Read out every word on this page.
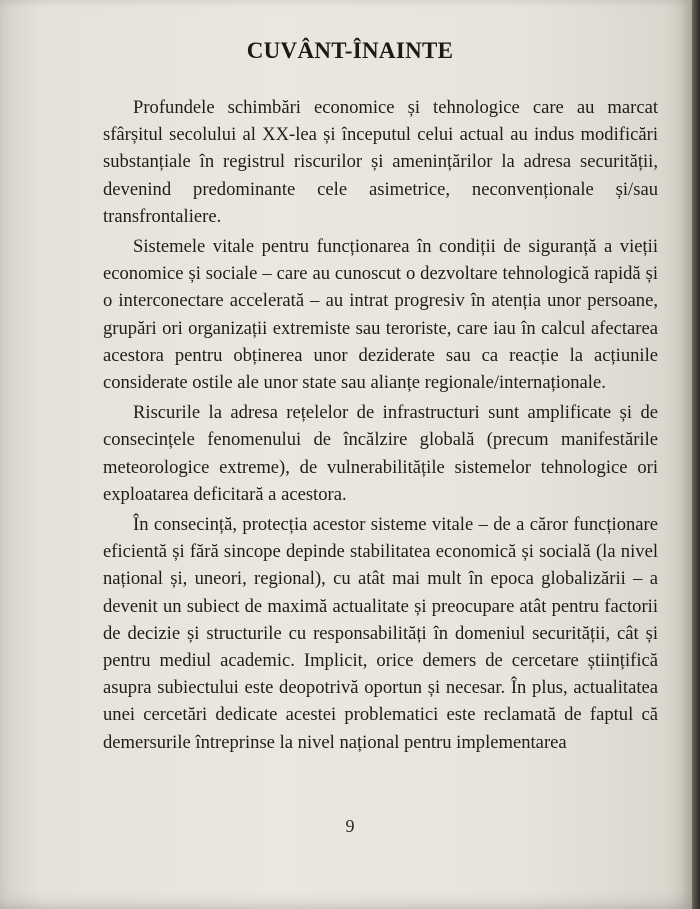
CUVÂNT-ÎNAINTE

Profundele schimbări economice și tehnologice care au marcat sfârșitul secolului al XX-lea și începutul celui actual au indus modificări substanțiale în registrul riscurilor și amenințărilor la adresa securității, devenind predominante cele asimetrice, neconvenționale și/sau transfrontaliere.

Sistemele vitale pentru funcționarea în condiții de siguranță a vieții economice și sociale – care au cunoscut o dezvoltare tehnologică rapidă și o interconectare accelerată – au intrat progresiv în atenția unor persoane, grupări ori organizații extremiste sau teroriste, care iau în calcul afectarea acestora pentru obținerea unor deziderate sau ca reacție la acțiunile considerate ostile ale unor state sau alianțe regionale/internaționale.

Riscurile la adresa rețelelor de infrastructuri sunt amplificate și de consecințele fenomenului de încălzire globală (precum manifestările meteorologice extreme), de vulnerabilitățile sistemelor tehnologice ori exploatarea deficitară a acestora.

În consecință, protecția acestor sisteme vitale – de a căror funcționare eficientă și fără sincope depinde stabilitatea economică și socială (la nivel național și, uneori, regional), cu atât mai mult în epoca globalizării – a devenit un subiect de maximă actualitate și preocupare atât pentru factorii de decizie și structurile cu responsabilități în domeniul securității, cât și pentru mediul academic. Implicit, orice demers de cercetare științifică asupra subiectului este deopotrivă oportun și necesar. În plus, actualitatea unei cercetări dedicate acestei problematici este reclamată de faptul că demersurile întreprinse la nivel național pentru implementarea

9
